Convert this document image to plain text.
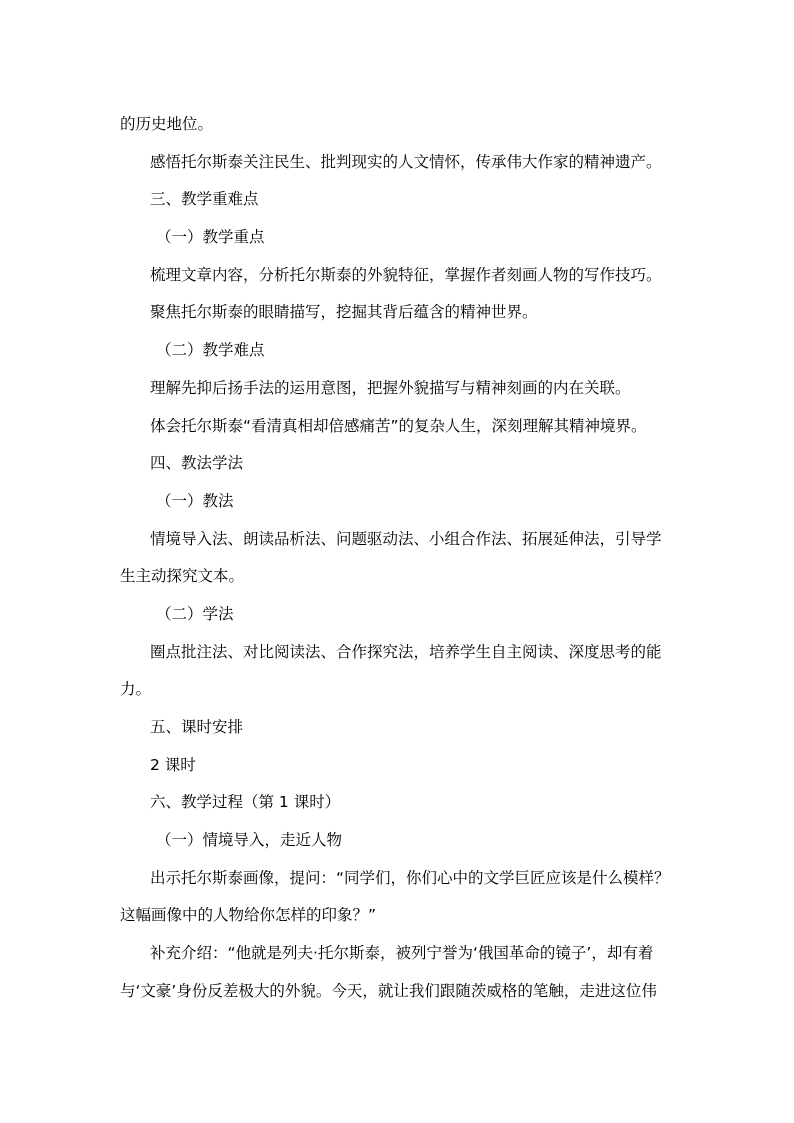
的历史地位。
感悟托尔斯泰关注民生、批判现实的人文情怀，传承伟大作家的精神遗产。
三、教学重难点
（一）教学重点
梳理文章内容，分析托尔斯泰的外貌特征，掌握作者刻画人物的写作技巧。
聚焦托尔斯泰的眼睛描写，挖掘其背后蕴含的精神世界。
（二）教学难点
理解先抑后扬手法的运用意图，把握外貌描写与精神刻画的内在关联。
体会托尔斯泰“看清真相却倍感痛苦”的复杂人生，深刻理解其精神境界。
四、教法学法
（一）教法
情境导入法、朗读品析法、问题驱动法、小组合作法、拓展延伸法，引导学
生主动探究文本。
（二）学法
圈点批注法、对比阅读法、合作探究法，培养学生自主阅读、深度思考的能
力。
五、课时安排
2 课时
六、教学过程（第 1 课时）
（一）情境导入，走近人物
出示托尔斯泰画像，提问：“同学们，你们心中的文学巨匠应该是什么模样？
这幅画像中的人物给你怎样的印象？”
补充介绍：“他就是列夫·托尔斯泰，被列宁誉为‘俄国革命的镜子’，却有着
与‘文豪’身份反差极大的外貌。今天，就让我们跟随茨威格的笔触，走进这位伟
